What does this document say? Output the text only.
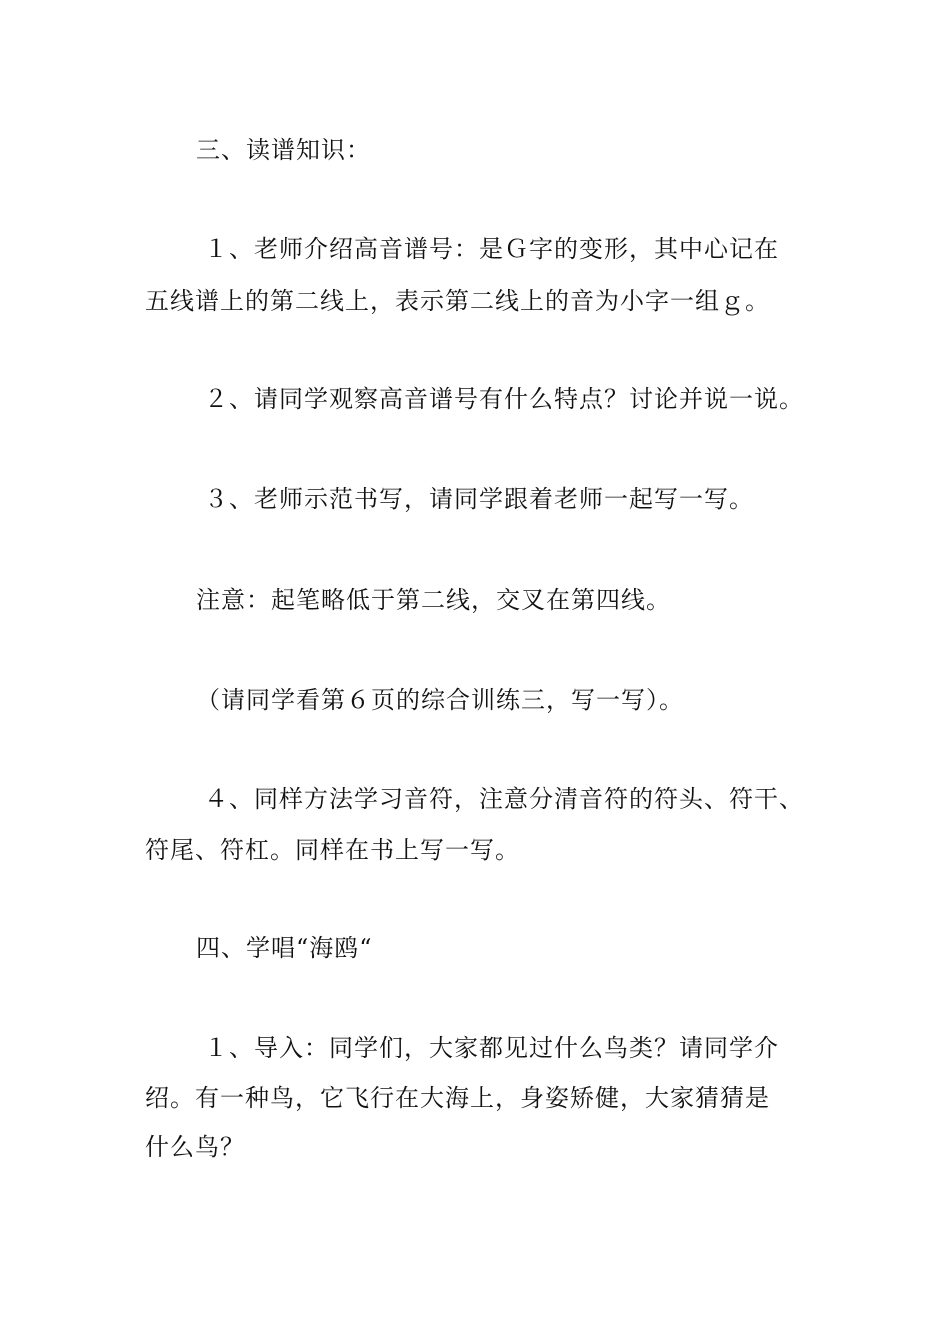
三、读谱知识：
１、老师介绍高音谱号：是Ｇ字的变形，其中心记在
五线谱上的第二线上，表示第二线上的音为小字一组ｇ。
２、请同学观察高音谱号有什么特点？讨论并说一说。
３、老师示范书写，请同学跟着老师一起写一写。
注意：起笔略低于第二线，交叉在第四线。
（请同学看第６页的综合训练三，写一写）。
４、同样方法学习音符，注意分清音符的符头、符干、
符尾、符杠。同样在书上写一写。
四、学唱“海鸥“
１、导入：同学们，大家都见过什么鸟类？请同学介
绍。有一种鸟，它飞行在大海上，身姿矫健，大家猜猜是
什么鸟？
